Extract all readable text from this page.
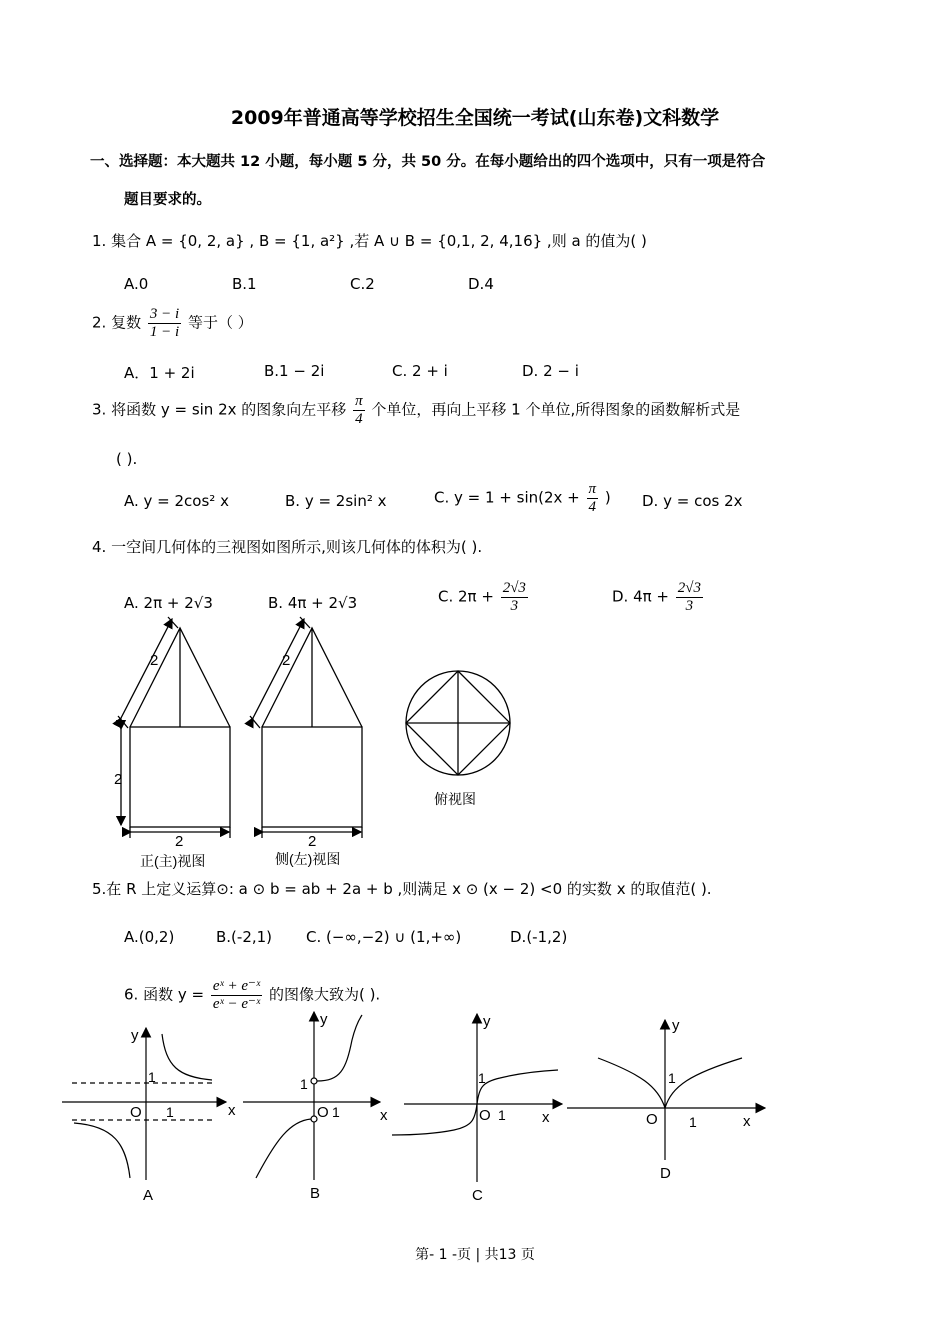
2009年普通高等学校招生全国统一考试(山东卷)文科数学
一、选择题：本大题共 12 小题，每小题 5 分，共 50 分。在每小题给出的四个选项中，只有一项是符合
题目要求的。
1. 集合 A = {0, 2, a} , B = {1, a²} ,若 A ∪ B = {0,1, 2, 4,16} ,则 a 的值为( )
A.0	B.1	C.2	D.4
2. 复数 $\frac{3 - i}{1 - i}$ 等于（ ）
A．1 + 2i	B.1 − 2i	C. 2 + i	D. 2 − i
3. 将函数 y = sin 2x 的图象向左平移 $\frac{\pi}{4}$ 个单位，再向上平移 1 个单位,所得图象的函数解析式是
( ).
A. y = 2cos² x	B. y = 2sin² x	C. $y = 1 + \sin(2x + \frac{\pi}{4}$ ) D. y = cos 2x
4. 一空间几何体的三视图如图所示,则该几何体的体积为( ).
A. 2π + 2√3	B. 4π + 2√3	C. $2\pi + \frac{2√3}{3}$	D. $4\pi + \frac{2√3}{3}$
2
2
2
2
2
正(主)视图	侧(左)视图
俯视图
5.在 R 上定义运算⊙: a ⊙ b = ab + 2a + b ,则满足 x ⊙ (x − 2) <0 的实数 x 的取值范( ).
A.(0,2)	B.(-2,1) C. (−∞,−2) ∪ (1,+∞)	D.(-1,2)
6. 函数 $y = \frac{\text{eˣ + e⁻ˣ}}{\text{eˣ − e⁻ˣ}}$ 的图像大致为( ).
y
x
O 1
1
A
y
x
O 1
1
B
y
x
O 1
1
C
y
x
O 1
1
D
第- 1 -页 | 共13 页
